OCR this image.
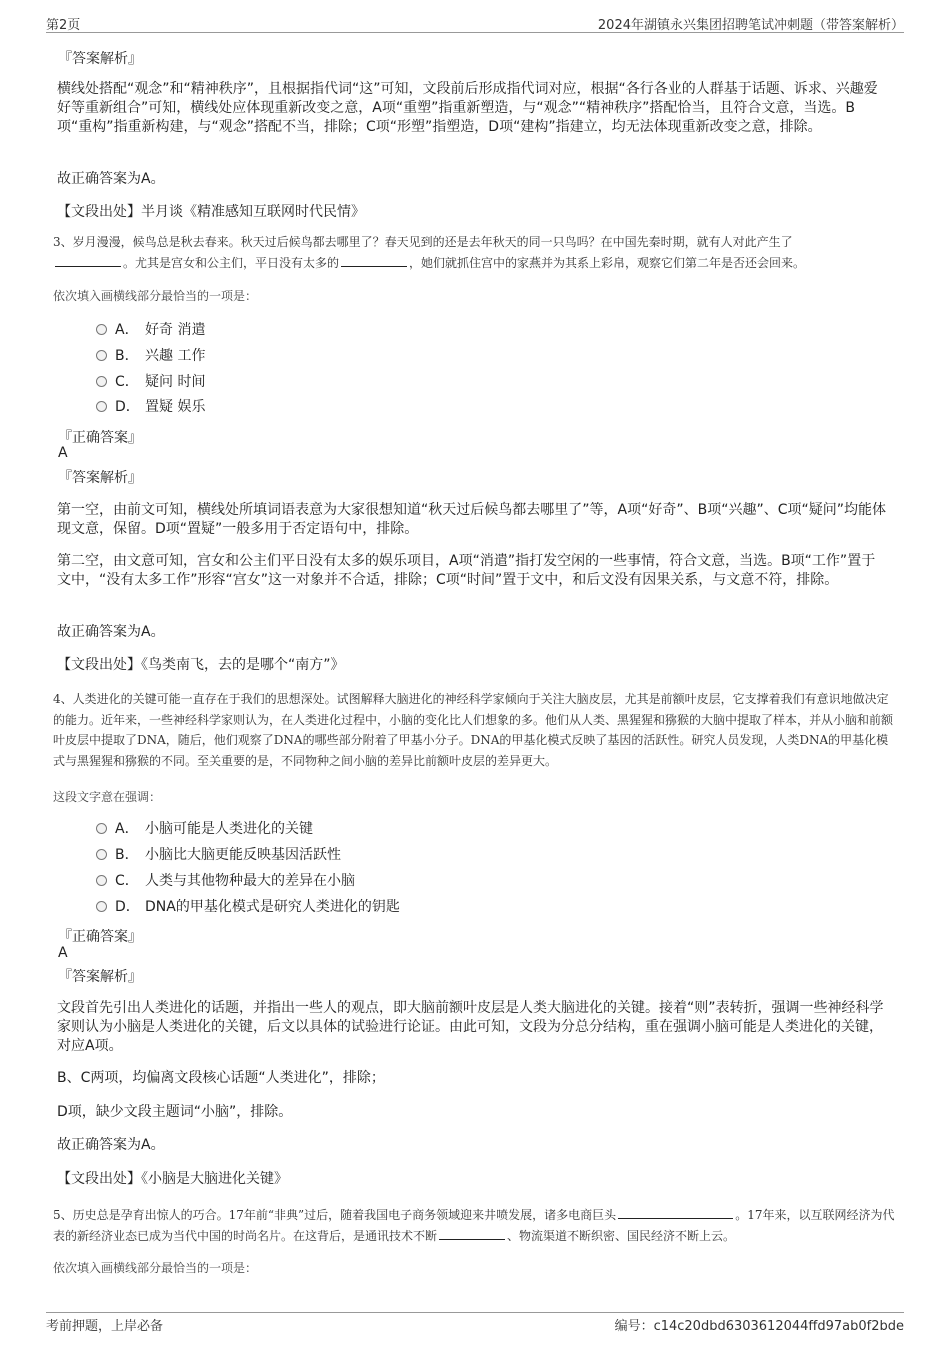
第2页	2024年湖镇永兴集团招聘笔试冲刺题（带答案解析）
『答案解析』
横线处搭配“观念”和“精神秩序”，且根据指代词“这”可知，文段前后形成指代词对应，根据“各行各业的人群基于话题、诉求、兴趣爱好等重新组合”可知，横线处应体现重新改变之意，A项“重塑”指重新塑造，与“观念”“精神秩序”搭配恰当，且符合文意，当选。B项“重构”指重新构建，与“观念”搭配不当，排除；C项“形塑”指塑造，D项“建构”指建立，均无法体现重新改变之意，排除。
故正确答案为A。
【文段出处】半月谈《精准感知互联网时代民情》
3、岁月漫漫，候鸟总是秋去春来。秋天过后候鸟都去哪里了？春天见到的还是去年秋天的同一只鸟吗？在中国先秦时期，就有人对此产生了
。尤其是宫女和公主们，平日没有太多的	，她们就抓住宫中的家燕并为其系上彩帛，观察它们第二年是否还会回来。
依次填入画横线部分最恰当的一项是：
A． 好奇 消遣
B． 兴趣 工作
C． 疑问 时间
D． 置疑 娱乐
『正确答案』
A
『答案解析』
第一空，由前文可知，横线处所填词语表意为大家很想知道“秋天过后候鸟都去哪里了”等，A项“好奇”、B项“兴趣”、C项“疑问”均能体现文意，保留。D项“置疑”一般多用于否定语句中，排除。
第二空，由文意可知，宫女和公主们平日没有太多的娱乐项目，A项“消遣”指打发空闲的一些事情，符合文意，当选。B项“工作”置于文中，“没有太多工作”形容“宫女”这一对象并不合适，排除；C项“时间”置于文中，和后文没有因果关系，与文意不符，排除。
故正确答案为A。
【文段出处】《鸟类南飞，去的是哪个“南方”》
4、人类进化的关键可能一直存在于我们的思想深处。试图解释大脑进化的神经科学家倾向于关注大脑皮层，尤其是前额叶皮层，它支撑着我们有意识地做决定的能力。近年来，一些神经科学家则认为，在人类进化过程中，小脑的变化比人们想象的多。他们从人类、黑猩猩和猕猴的大脑中提取了样本，并从小脑和前额叶皮层中提取了DNA，随后，他们观察了DNA的哪些部分附着了甲基小分子。DNA的甲基化模式反映了基因的活跃性。研究人员发现，人类DNA的甲基化模式与黑猩猩和猕猴的不同。至关重要的是，不同物种之间小脑的差异比前额叶皮层的差异更大。
这段文字意在强调：
A． 小脑可能是人类进化的关键
B． 小脑比大脑更能反映基因活跃性
C． 人类与其他物种最大的差异在小脑
D． DNA的甲基化模式是研究人类进化的钥匙
『正确答案』
A
『答案解析』
文段首先引出人类进化的话题，并指出一些人的观点，即大脑前额叶皮层是人类大脑进化的关键。接着“则”表转折，强调一些神经科学家则认为小脑是人类进化的关键，后文以具体的试验进行论证。由此可知，文段为分总分结构，重在强调小脑可能是人类进化的关键，对应A项。
B、C两项，均偏离文段核心话题“人类进化”，排除；
D项，缺少文段主题词“小脑”，排除。
故正确答案为A。
【文段出处】《小脑是大脑进化关键》
5、历史总是孕育出惊人的巧合。17年前“非典”过后，随着我国电子商务领域迎来井喷发展，诸多电商巨头	。17年来，以互联网经济为代表的新经济业态已成为当代中国的时尚名片。在这背后，是通讯技术不断	、物流渠道不断织密、国民经济不断上云。
依次填入画横线部分最恰当的一项是：
考前押题，上岸必备	编号：c14c20dbd6303612044ffd97ab0f2bde
